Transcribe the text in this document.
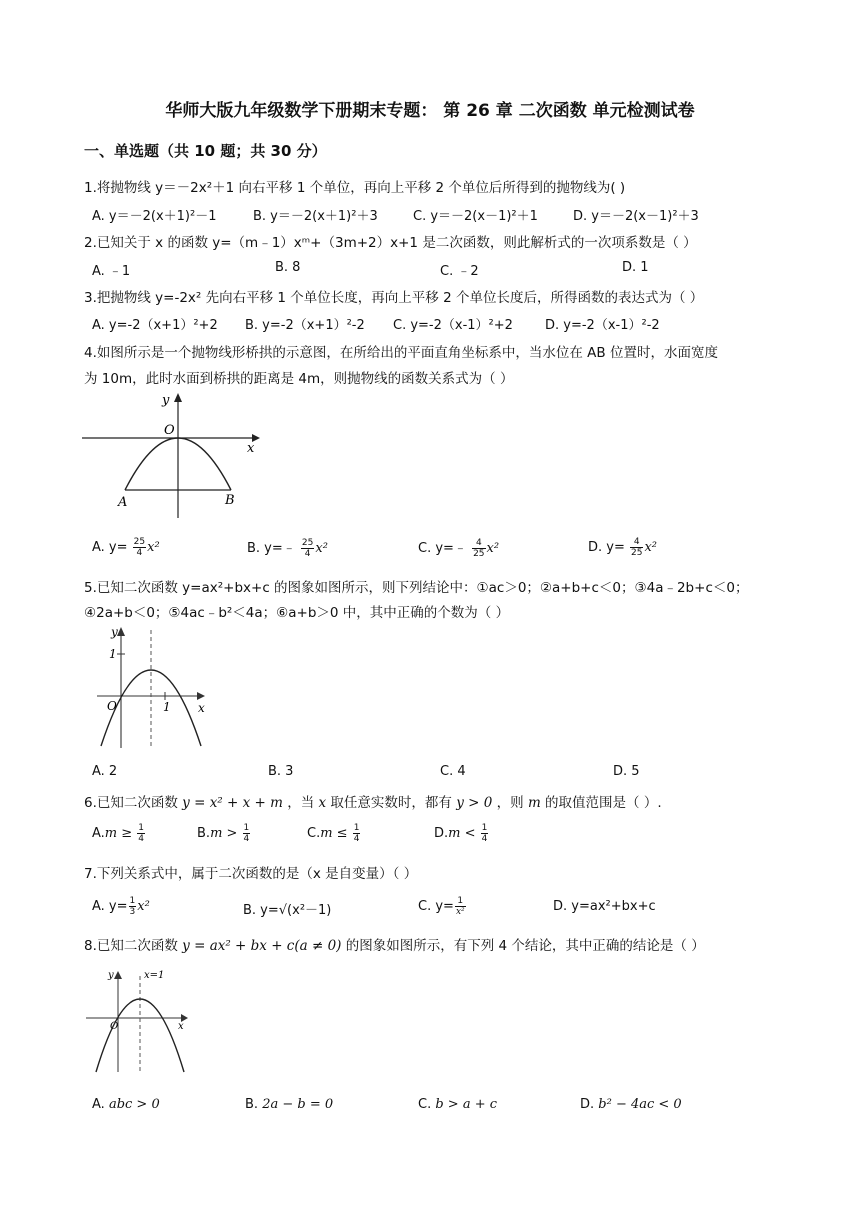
华师大版九年级数学下册期末专题： 第 26 章 二次函数 单元检测试卷
一、单选题（共 10 题；共 30 分）
1.将抛物线 y＝－2x²＋1 向右平移 1 个单位，再向上平移 2 个单位后所得到的抛物线为( )
A. y＝－2(x＋1)²－1	B. y＝－2(x＋1)²＋3	C. y＝－2(x－1)²＋1	D. y＝－2(x－1)²＋3
2.已知关于 x 的函数 y=（m﹣1）xᵐ+（3m+2）x+1 是二次函数，则此解析式的一次项系数是（ ）
A. ﹣1	B. 8	C. ﹣2	D. 1
3.把抛物线 y=-2x² 先向右平移 1 个单位长度，再向上平移 2 个单位长度后，所得函数的表达式为（ ）
A. y=-2（x+1）²+2 B. y=-2（x+1）²-2 C. y=-2（x-1）²+2 D. y=-2（x-1）²-2
4.如图所示是一个抛物线形桥拱的示意图，在所给出的平面直角坐标系中，当水位在 AB 位置时，水面宽度
为 10m，此时水面到桥拱的距离是 4m，则抛物线的函数关系式为（ ）
y
O
x
A	B
A. $y= \frac{25}{4} x^2$	B. y=﹣ $\frac{25}{4} x^2$	C. y=﹣ $\frac{4}{25} x^2$	D. $y= \frac{4}{25} x^2$
5.已知二次函数 y=ax²+bx+c 的图象如图所示，则下列结论中：①ac＞0；②a+b+c＜0；③4a﹣2b+c＜0；
④2a+b＜0；⑤4ac﹣b²＜4a；⑥a+b＞0 中，其中正确的个数为（ ）
y
1
O	1 x
A. 2	B. 3	C. 4	D. 5
6.已知二次函数 y = x² + x + m ，当 x 取任意实数时，都有 y > 0 ，则 m 的取值范围是（ ）.
$A.m \ge \frac{1}{4}$	$B.m > \frac{1}{4}$	$C.m \le \frac{1}{4}$	$D.m < \frac{1}{4}$
7.下列关系式中，属于二次函数的是（x 是自变量）（ ）
A. $y= \frac{1}{3} x^2$	B. y=√(x²－1)	C. $y= \frac{1}{\text{x²}}$	D. y=ax²+bx+c
8.已知二次函数 y = ax² + bx + c(a ≠ 0) 的图象如图所示，有下列 4 个结论，其中正确的结论是（ ）
y	x=1
O	x
A. abc > 0	B. 2a − b = 0	C. b > a + c	D. b² − 4ac < 0
